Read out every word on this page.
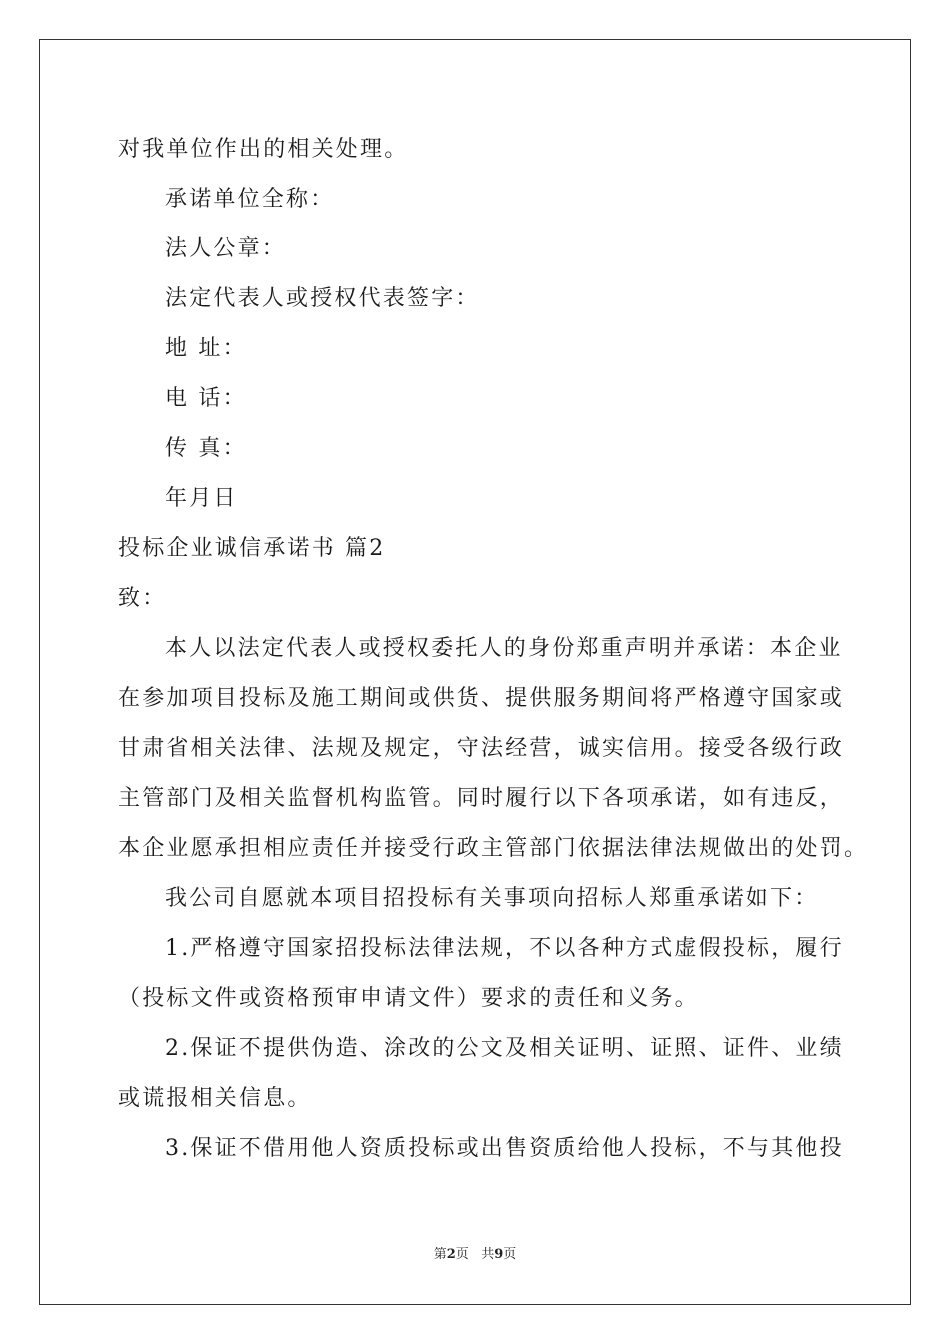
对我单位作出的相关处理。
承诺单位全称：
法人公章：
法定代表人或授权代表签字：
地 址：
电 话：
传 真：
年月日
投标企业诚信承诺书 篇2
致：
本人以法定代表人或授权委托人的身份郑重声明并承诺：本企业
在参加项目投标及施工期间或供货、提供服务期间将严格遵守国家或
甘肃省相关法律、法规及规定，守法经营，诚实信用。接受各级行政
主管部门及相关监督机构监管。同时履行以下各项承诺，如有违反，
本企业愿承担相应责任并接受行政主管部门依据法律法规做出的处罚。
我公司自愿就本项目招投标有关事项向招标人郑重承诺如下：
1.严格遵守国家招投标法律法规，不以各种方式虚假投标，履行
（投标文件或资格预审申请文件）要求的责任和义务。
2.保证不提供伪造、涂改的公文及相关证明、证照、证件、业绩
或谎报相关信息。
3.保证不借用他人资质投标或出售资质给他人投标，不与其他投
第2页 共9页
